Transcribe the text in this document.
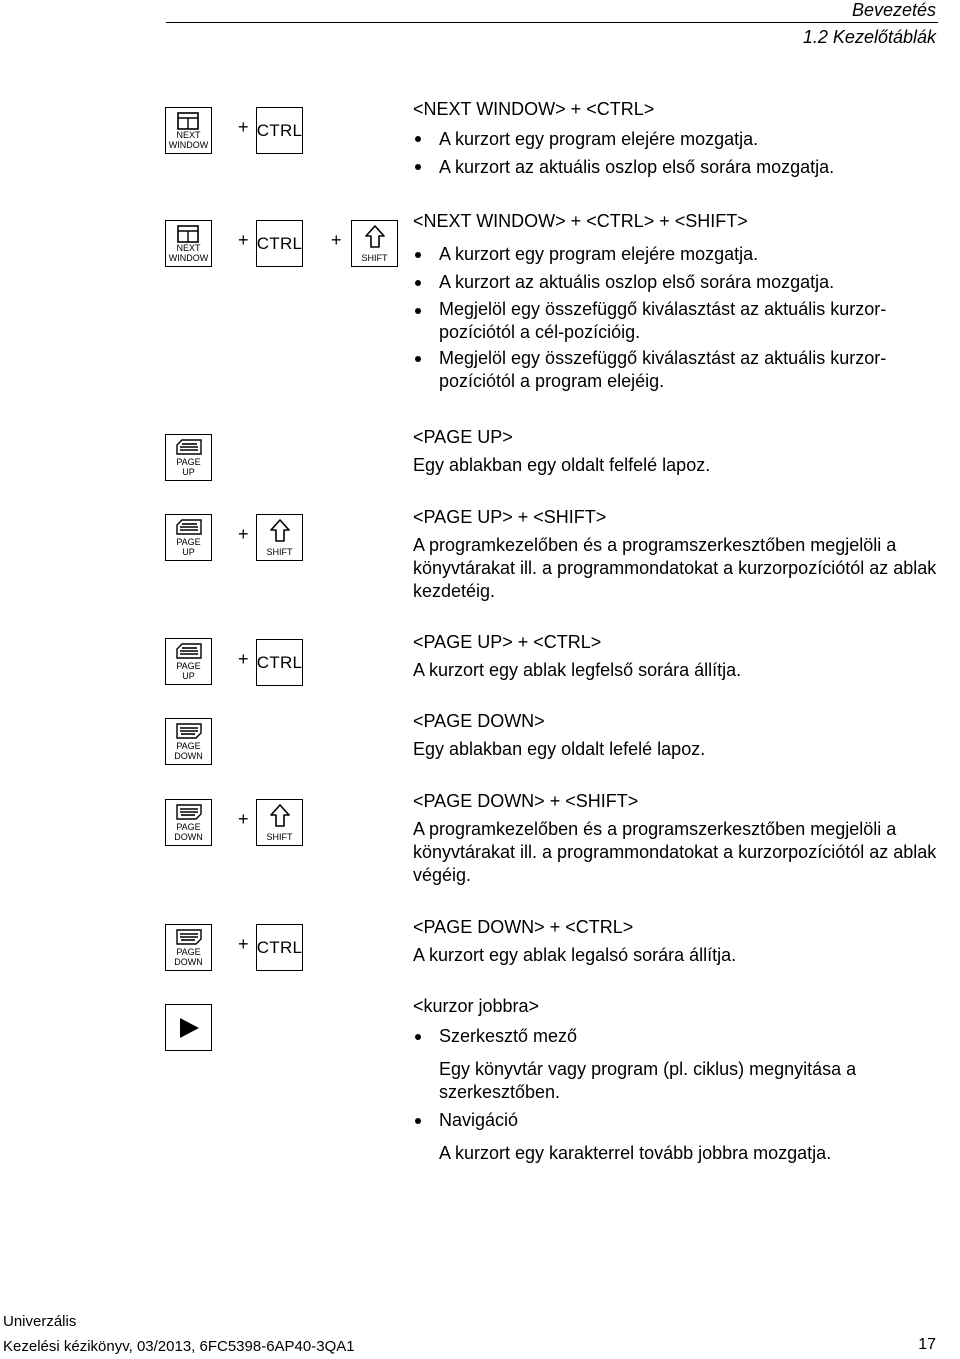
Bevezetés
1.2 Kezelőtáblák
NEXT
WINDOW
+ CTRL
<NEXT WINDOW> + <CTRL>
A kurzort egy program elejére mozgatja.
A kurzort az aktuális oszlop első sorára mozgatja.
NEXT
WINDOW
+ CTRL +
SHIFT
<NEXT WINDOW> + <CTRL> + <SHIFT>
A kurzort egy program elejére mozgatja.
A kurzort az aktuális oszlop első sorára mozgatja.
Megjelöl egy összefüggő kiválasztást az aktuális kurzor-
pozíciótól a cél-pozícióig.
Megjelöl egy összefüggő kiválasztást az aktuális kurzor-
pozíciótól a program elejéig.
PAGE
UP
<PAGE UP>
Egy ablakban egy oldalt felfelé lapoz.
PAGE
UP
+
SHIFT
<PAGE UP> + <SHIFT>
A programkezelőben és a programszerkesztőben megjelöli a
könyvtárakat ill. a programmondatokat a kurzorpozíciótól az ablak
kezdetéig.
PAGE
UP
+ CTRL
<PAGE UP> + <CTRL>
A kurzort egy ablak legfelső sorára állítja.
PAGE
DOWN
<PAGE DOWN>
Egy ablakban egy oldalt lefelé lapoz.
PAGE
DOWN
+
SHIFT
<PAGE DOWN> + <SHIFT>
A programkezelőben és a programszerkesztőben megjelöli a
könyvtárakat ill. a programmondatokat a kurzorpozíciótól az ablak
végéig.
PAGE
DOWN
+ CTRL
<PAGE DOWN> + <CTRL>
A kurzort egy ablak legalsó sorára állítja.
<kurzor jobbra>
Szerkesztő mező
Egy könyvtár vagy program (pl. ciklus) megnyitása a
szerkesztőben.
Navigáció
A kurzort egy karakterrel tovább jobbra mozgatja.
Univerzális
Kezelési kézikönyv, 03/2013, 6FC5398-6AP40-3QA1	17
